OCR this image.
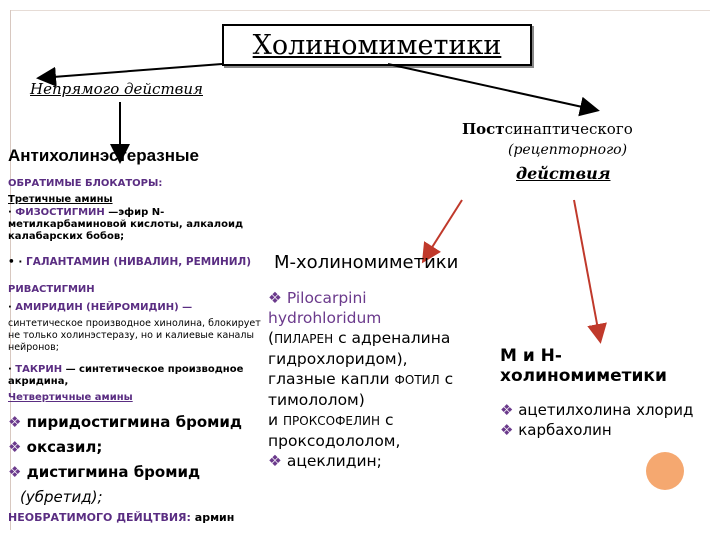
Холиномиметики
Непрямого действия
Постсинаптического
(рецепторного)
действия
Антихолинэстеразные
ОБРАТИМЫЕ БЛОКАТОРЫ:
Третичные амины
· ФИЗОСТИГМИН —эфир N-метилкарбаминовой кислоты, алкалоид калабарских бобов;
• · ГАЛАНТАМИН (НИВАЛИН, РЕМИНИЛ)
РИВАСТИГМИН
· АМИРИДИН (НЕЙРОМИДИН) —
синтетическое производное хинолина, блокирует не только холинэстеразу, но и калиевые каналы нейронов;
· ТАКРИН — синтетическое производное акридина,
Четвертичные амины
❖ пиридостигмина бромид
❖ оксазил;
❖ дистигмина бромид
(убретид);
НЕОБРАТИМОГО ДЕЙЦТВИЯ: армин
М-холиномиметики
❖ Pilocarpini
hydrohloridum
(ПИЛАРЕН с адреналина гидрохлоридом),
глазные капли ФОТИЛ с тимололом)
и ПРОКСОФЕЛИН с проксодололом,
❖ ацеклидин;
М и Н-
холиномиметики
❖ ацетилхолина хлорид
❖ карбахолин
